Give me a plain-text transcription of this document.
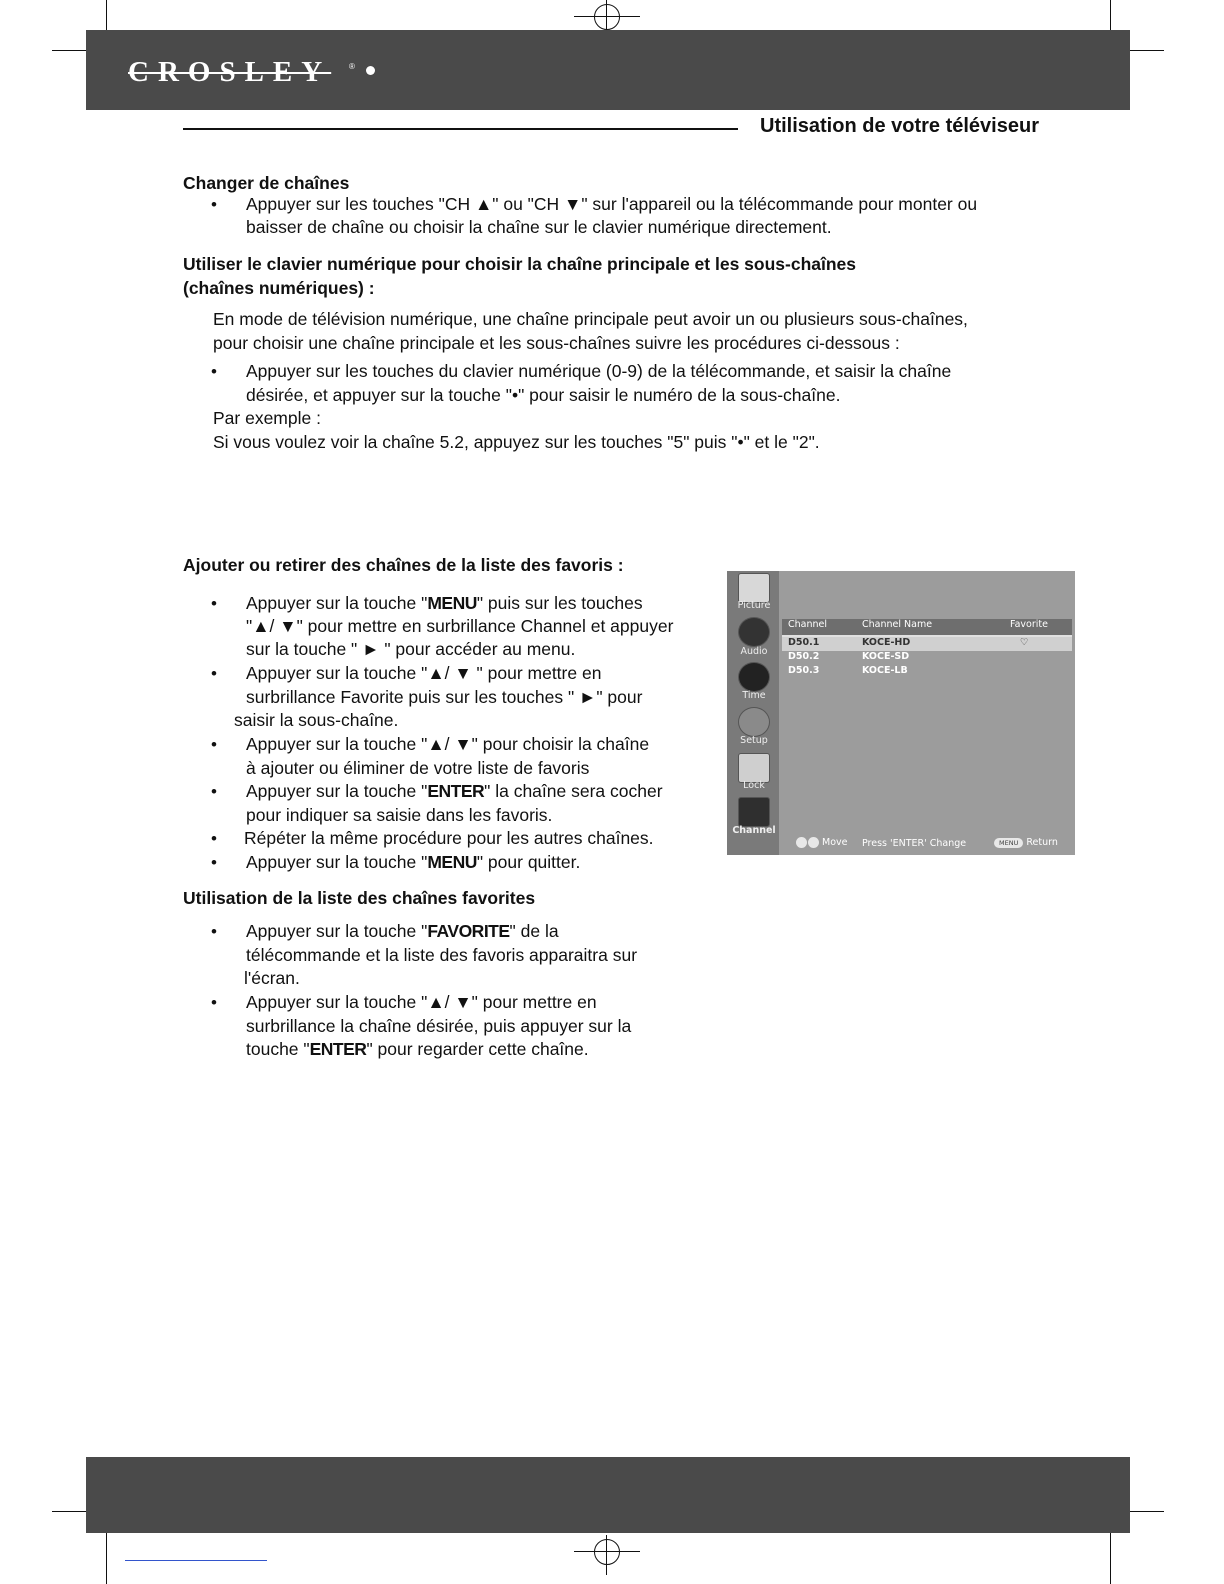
CROSLEY ®
Utilisation de votre téléviseur
Changer de chaînes
• Appuyer sur les touches "CH ▲" ou "CH ▼" sur l'appareil ou la télécommande pour monter ou
baisser de chaîne ou choisir la chaîne sur le clavier numérique directement.
Utiliser le clavier numérique pour choisir la chaîne principale et les sous-chaînes
(chaînes numériques) :
En mode de télévision numérique, une chaîne principale peut avoir un ou plusieurs sous-chaînes,
pour choisir une chaîne principale et les sous-chaînes suivre les procédures ci-dessous :
• Appuyer sur les touches du clavier numérique (0-9) de la télécommande, et saisir la chaîne
désirée, et appuyer sur la touche "•" pour saisir le numéro de la sous-chaîne.
Par exemple :
Si vous voulez voir la chaîne 5.2, appuyez sur les touches "5" puis "•" et le "2".
Ajouter ou retirer des chaînes de la liste des favoris :
• Appuyer sur la touche "MENU" puis sur les touches
"▲/ ▼" pour mettre en surbrillance Channel et appuyer
sur la touche " ► " pour accéder au menu.
• Appuyer sur la touche "▲/ ▼ " pour mettre en
surbrillance Favorite puis sur les touches " ►" pour
saisir la sous-chaîne.
• Appuyer sur la touche "▲/ ▼" pour choisir la chaîne
à ajouter ou éliminer de votre liste de favoris
• Appuyer sur la touche "ENTER" la chaîne sera cocher
pour indiquer sa saisie dans les favoris.
• Répéter la même procédure pour les autres chaînes.
• Appuyer sur la touche "MENU" pour quitter.
Utilisation de la liste des chaînes favorites
• Appuyer sur la touche "FAVORITE" de la
télécommande et la liste des favoris apparaitra sur
l'écran.
• Appuyer sur la touche "▲/ ▼" pour mettre en
surbrillance la chaîne désirée, puis appuyer sur la
touche "ENTER" pour regarder cette chaîne.
Picture
Audio
Time
Setup
Lock
Channel
Channel	Channel Name	Favorite
D50.1	KOCE-HD	♡
D50.2	KOCE-SD
D50.3	KOCE-LB
Move Press 'ENTER' Change	MENU Return
